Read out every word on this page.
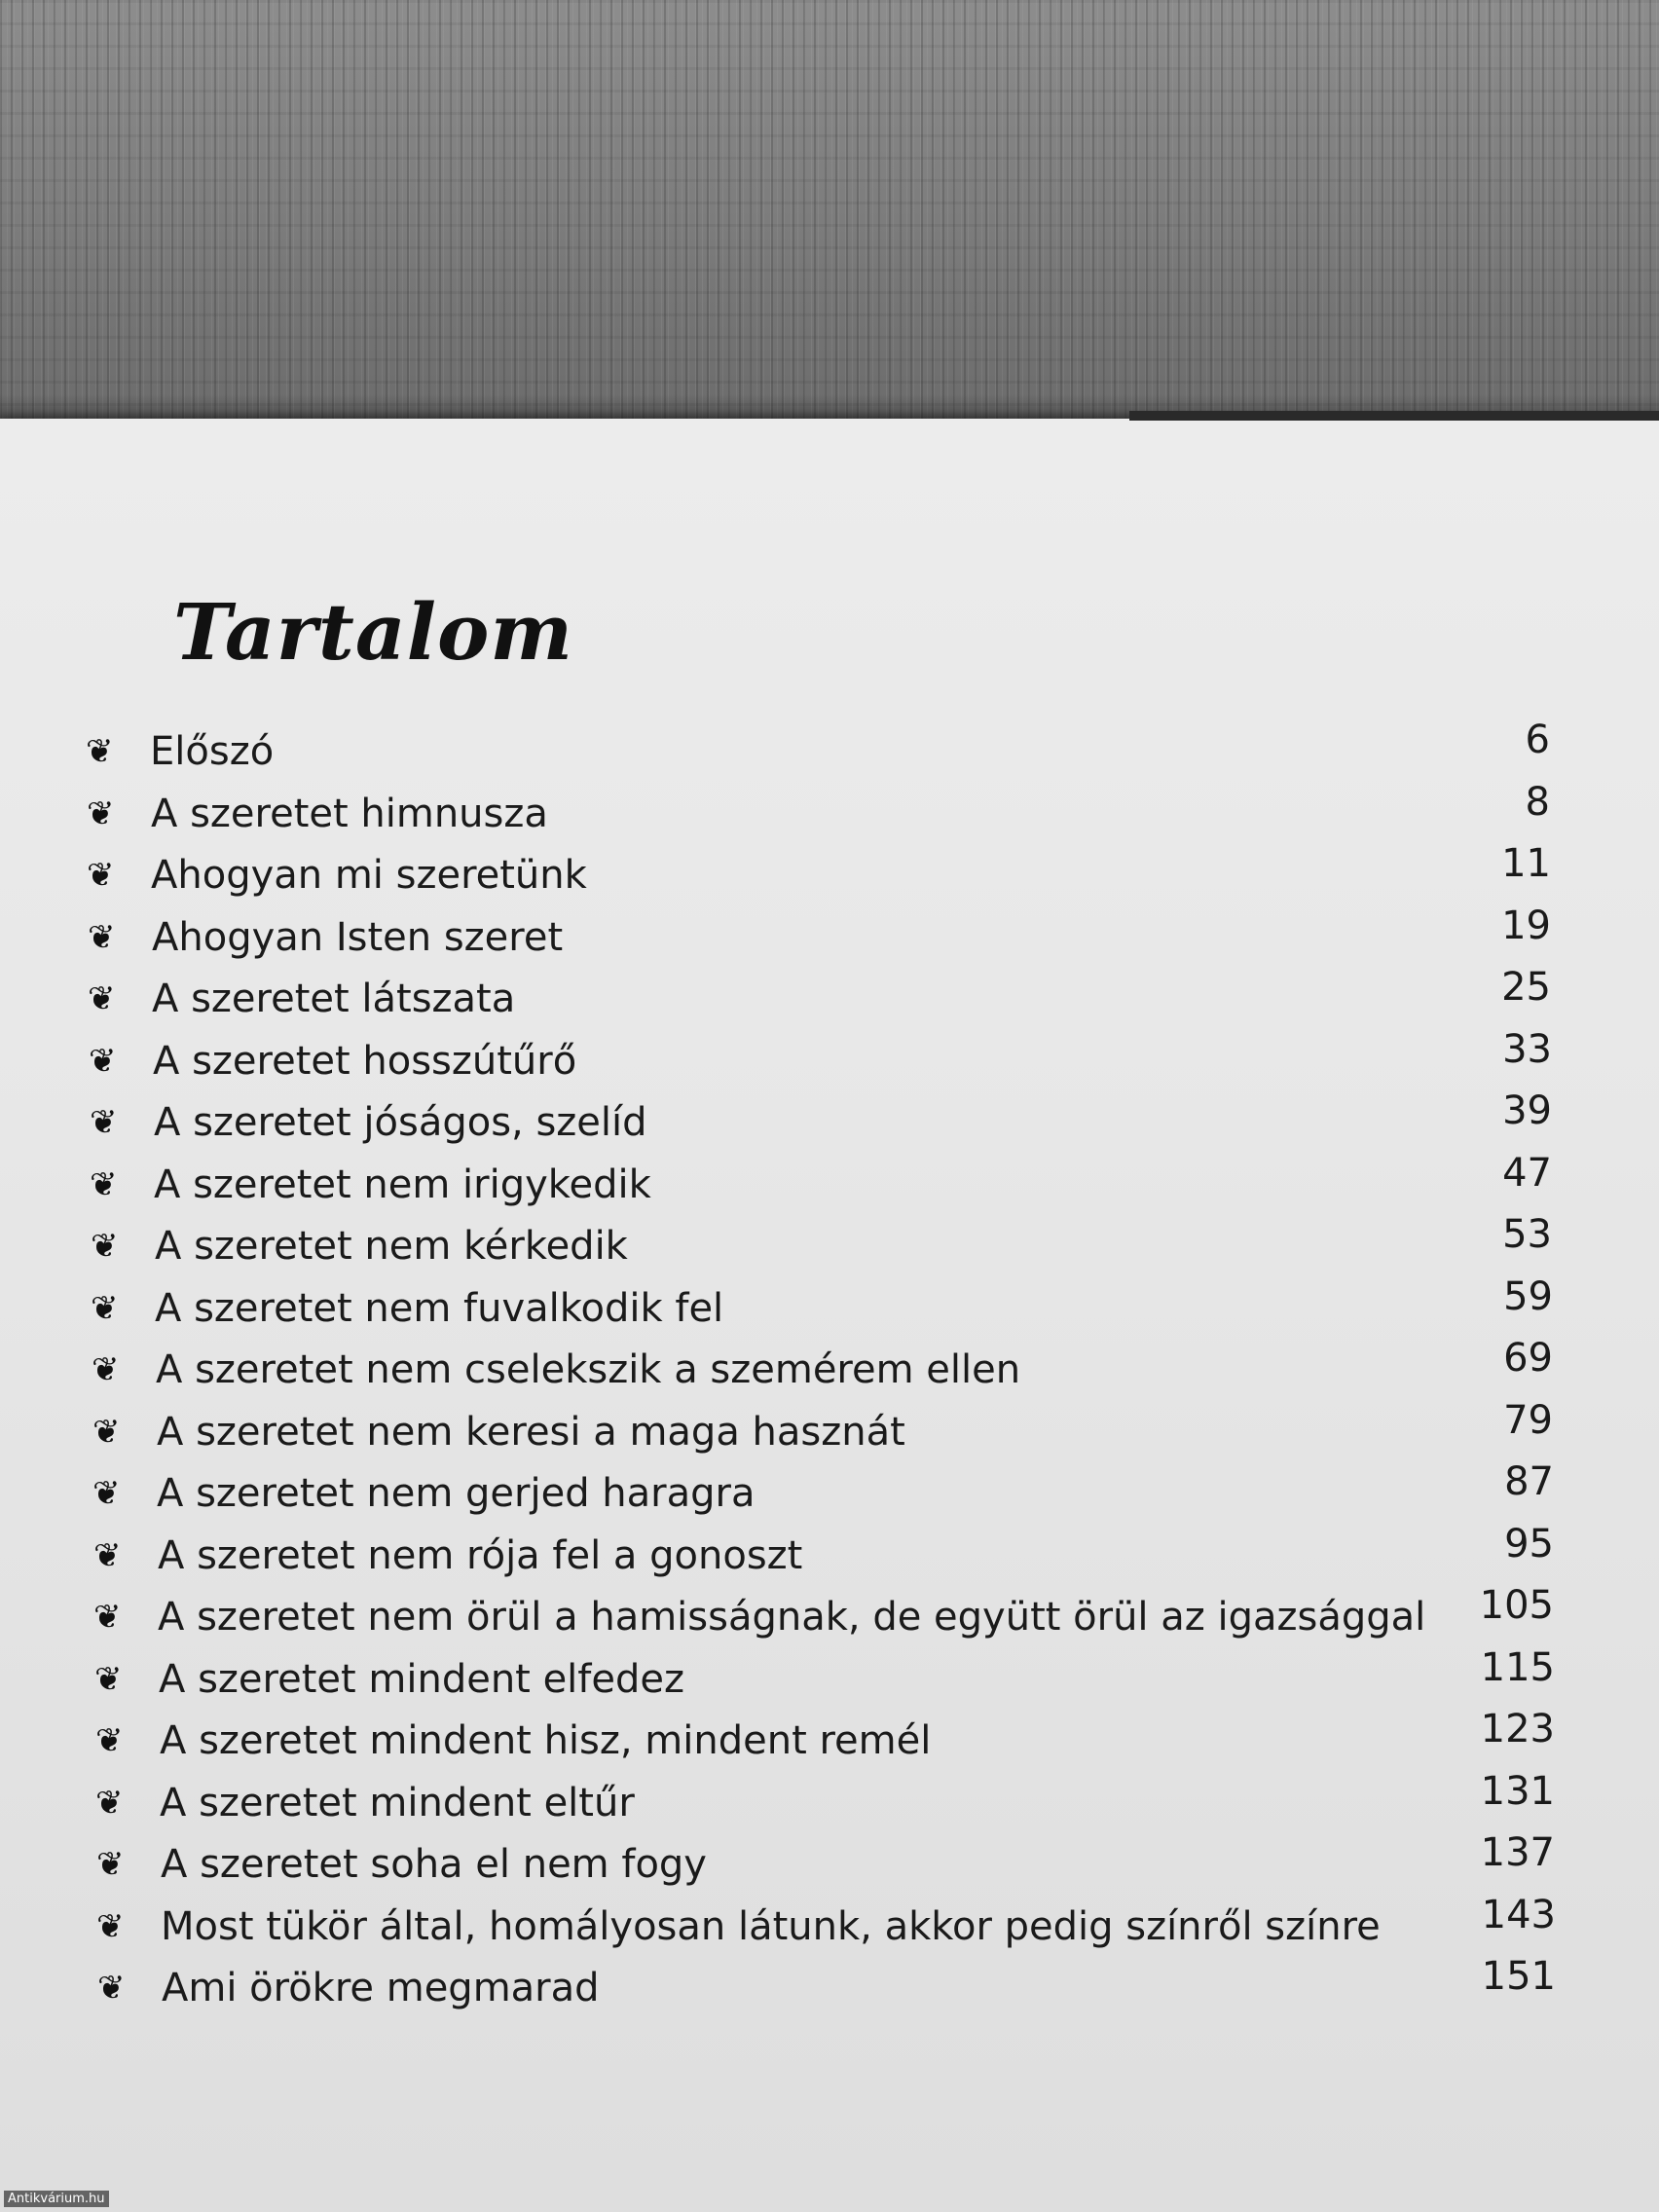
Tartalom
❦ Előszó	6
❦ A szeretet himnusza	8
❦ Ahogyan mi szeretünk	11
❦ Ahogyan Isten szeret	19
❦ A szeretet látszata	25
❦ A szeretet hosszútűrő	33
❦ A szeretet jóságos, szelíd	39
❦ A szeretet nem irigykedik	47
❦ A szeretet nem kérkedik	53
❦ A szeretet nem fuvalkodik fel	59
❦ A szeretet nem cselekszik a szemérem ellen	69
❦ A szeretet nem keresi a maga hasznát	79
❦ A szeretet nem gerjed haragra	87
❦ A szeretet nem rója fel a gonoszt	95
❦ A szeretet nem örül a hamisságnak, de együtt örül az igazsággal	105
❦ A szeretet mindent elfedez	115
❦ A szeretet mindent hisz, mindent remél	123
❦ A szeretet mindent eltűr	131
❦ A szeretet soha el nem fogy	137
❦ Most tükör által, homályosan látunk, akkor pedig színről színre	143
❦ Ami örökre megmarad	151
Antikvárium.hu
